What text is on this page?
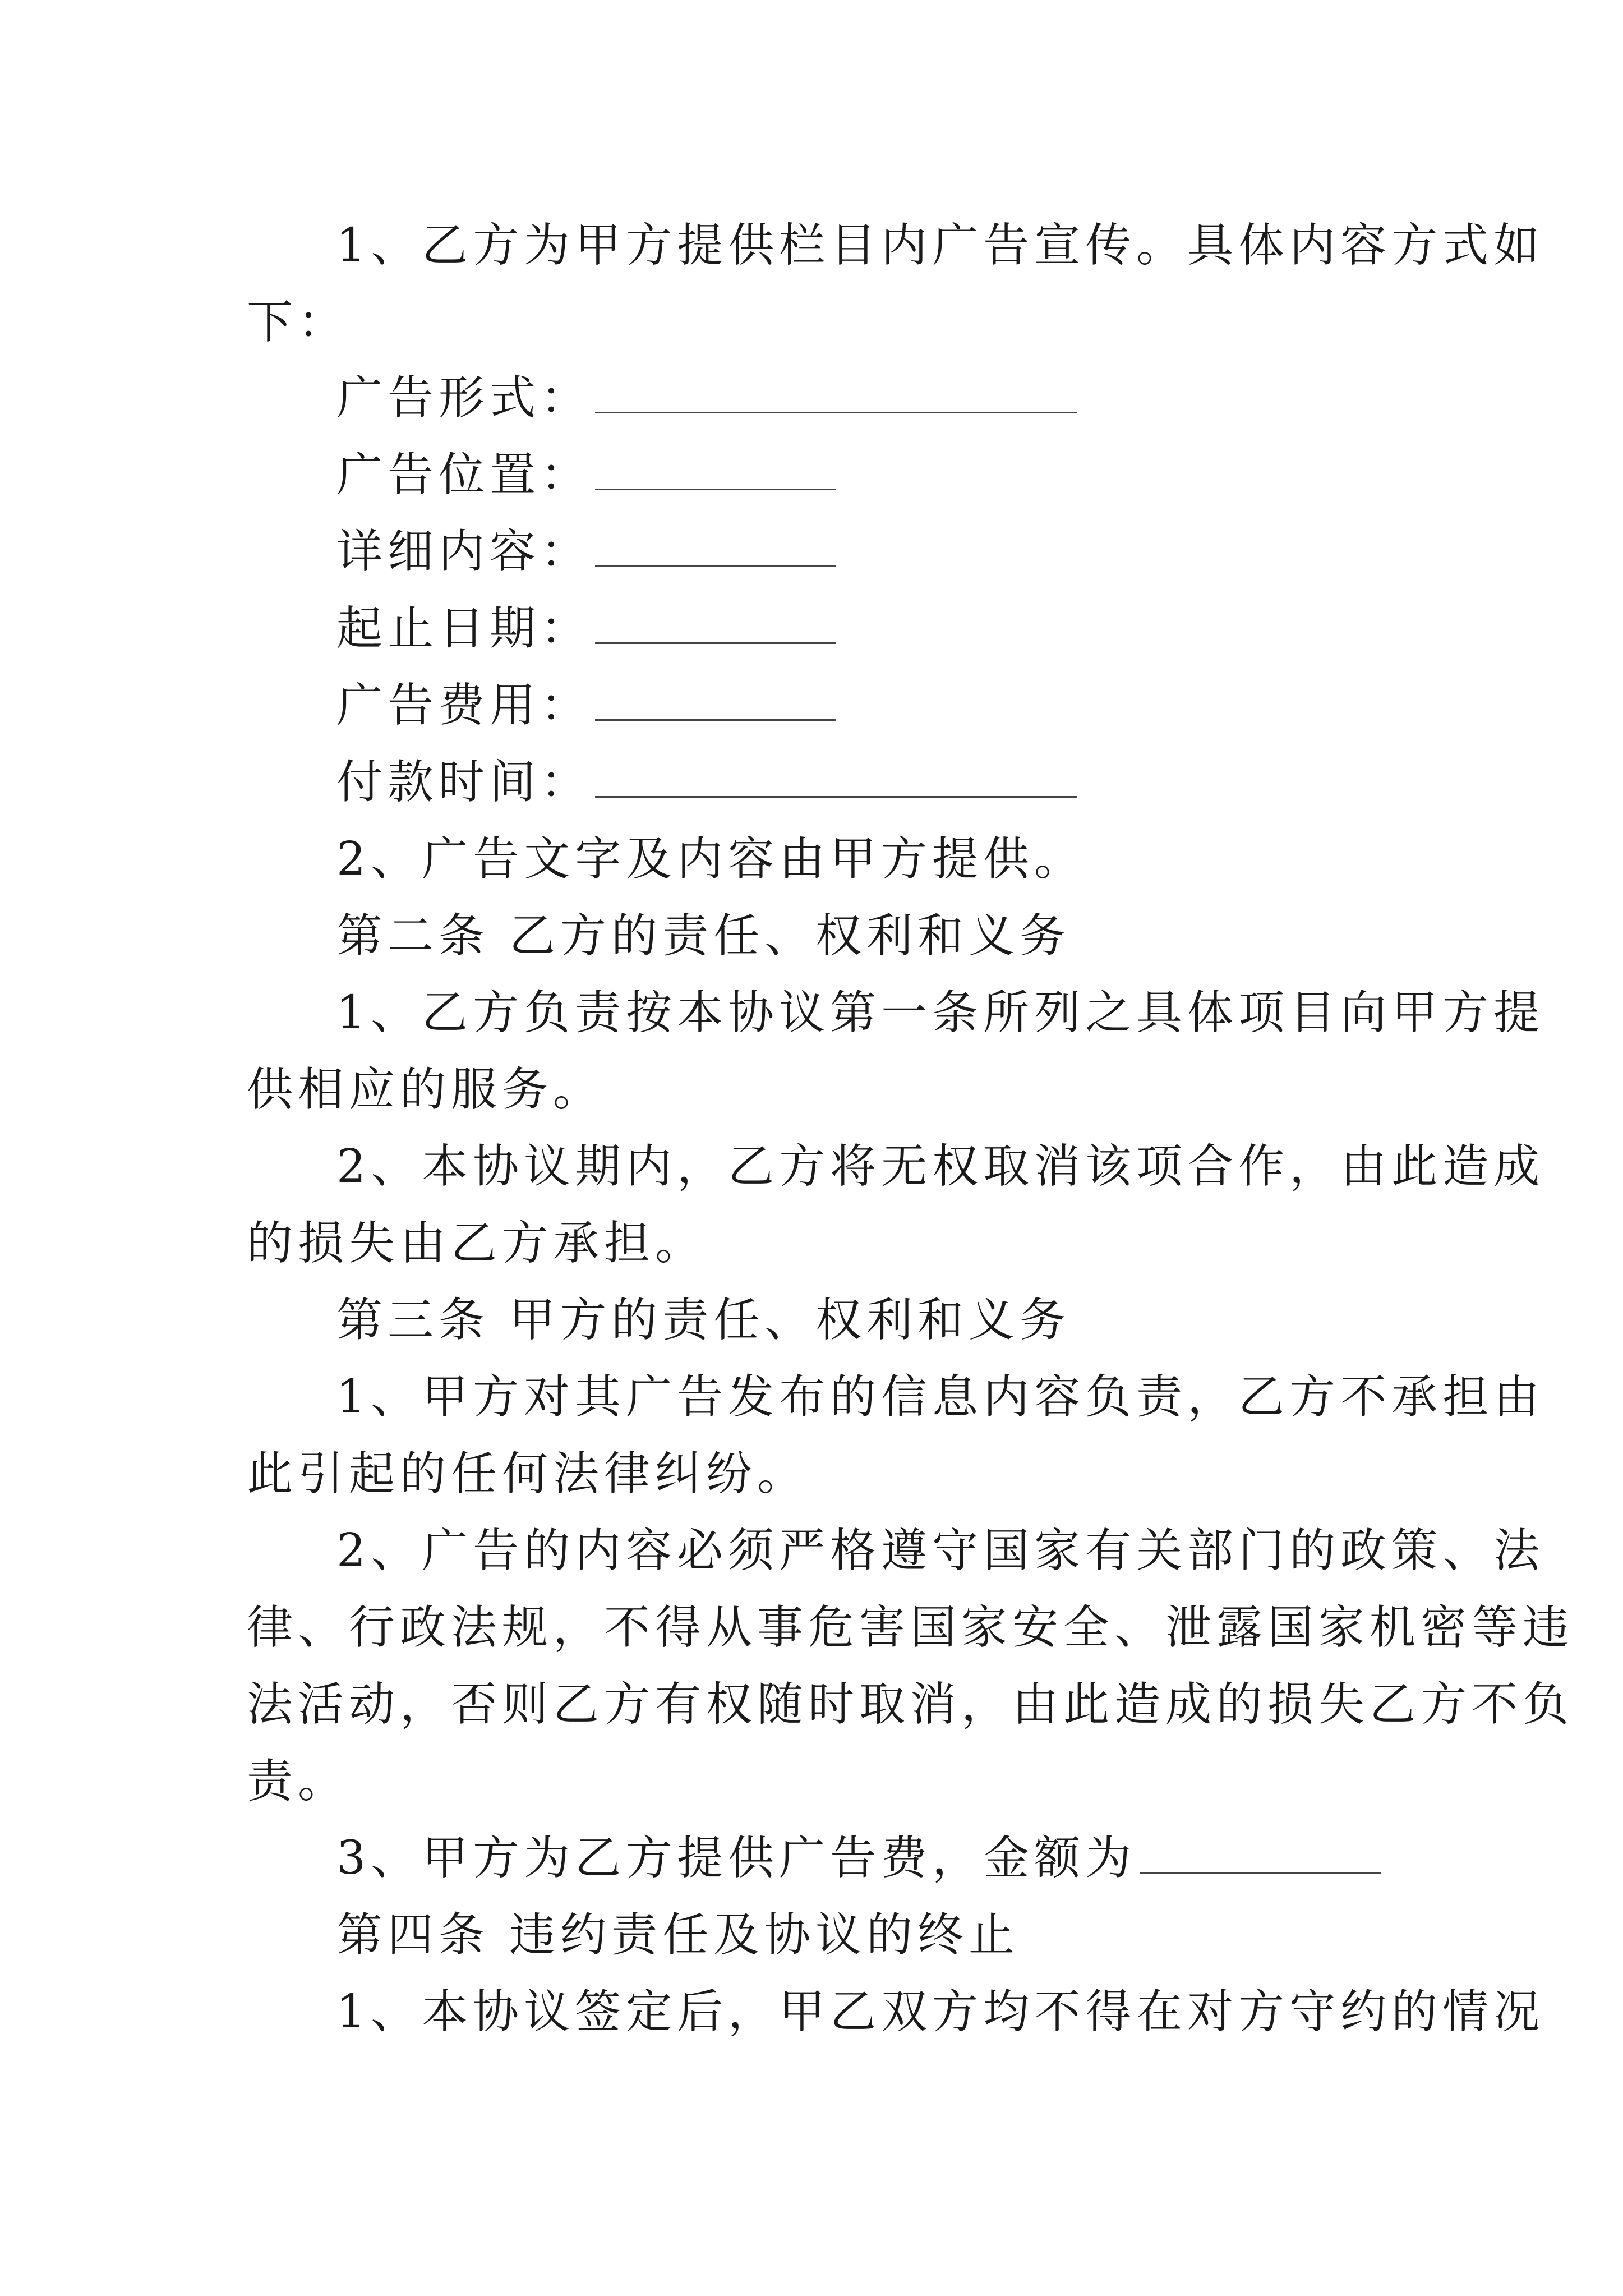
1、乙方为甲方提供栏目内广告宣传。具体内容方式如
下：
广告形式：
广告位置：
详细内容：
起止日期：
广告费用：
付款时间：
2、广告文字及内容由甲方提供。
第二条 乙方的责任、权利和义务
1、乙方负责按本协议第一条所列之具体项目向甲方提
供相应的服务。
2、本协议期内，乙方将无权取消该项合作，由此造成
的损失由乙方承担。
第三条 甲方的责任、权利和义务
1、甲方对其广告发布的信息内容负责，乙方不承担由
此引起的任何法律纠纷。
2、广告的内容必须严格遵守国家有关部门的政策、法
律、行政法规，不得从事危害国家安全、泄露国家机密等违
法活动，否则乙方有权随时取消，由此造成的损失乙方不负
责。
3、甲方为乙方提供广告费，金额为
第四条 违约责任及协议的终止
1、本协议签定后，甲乙双方均不得在对方守约的情况
